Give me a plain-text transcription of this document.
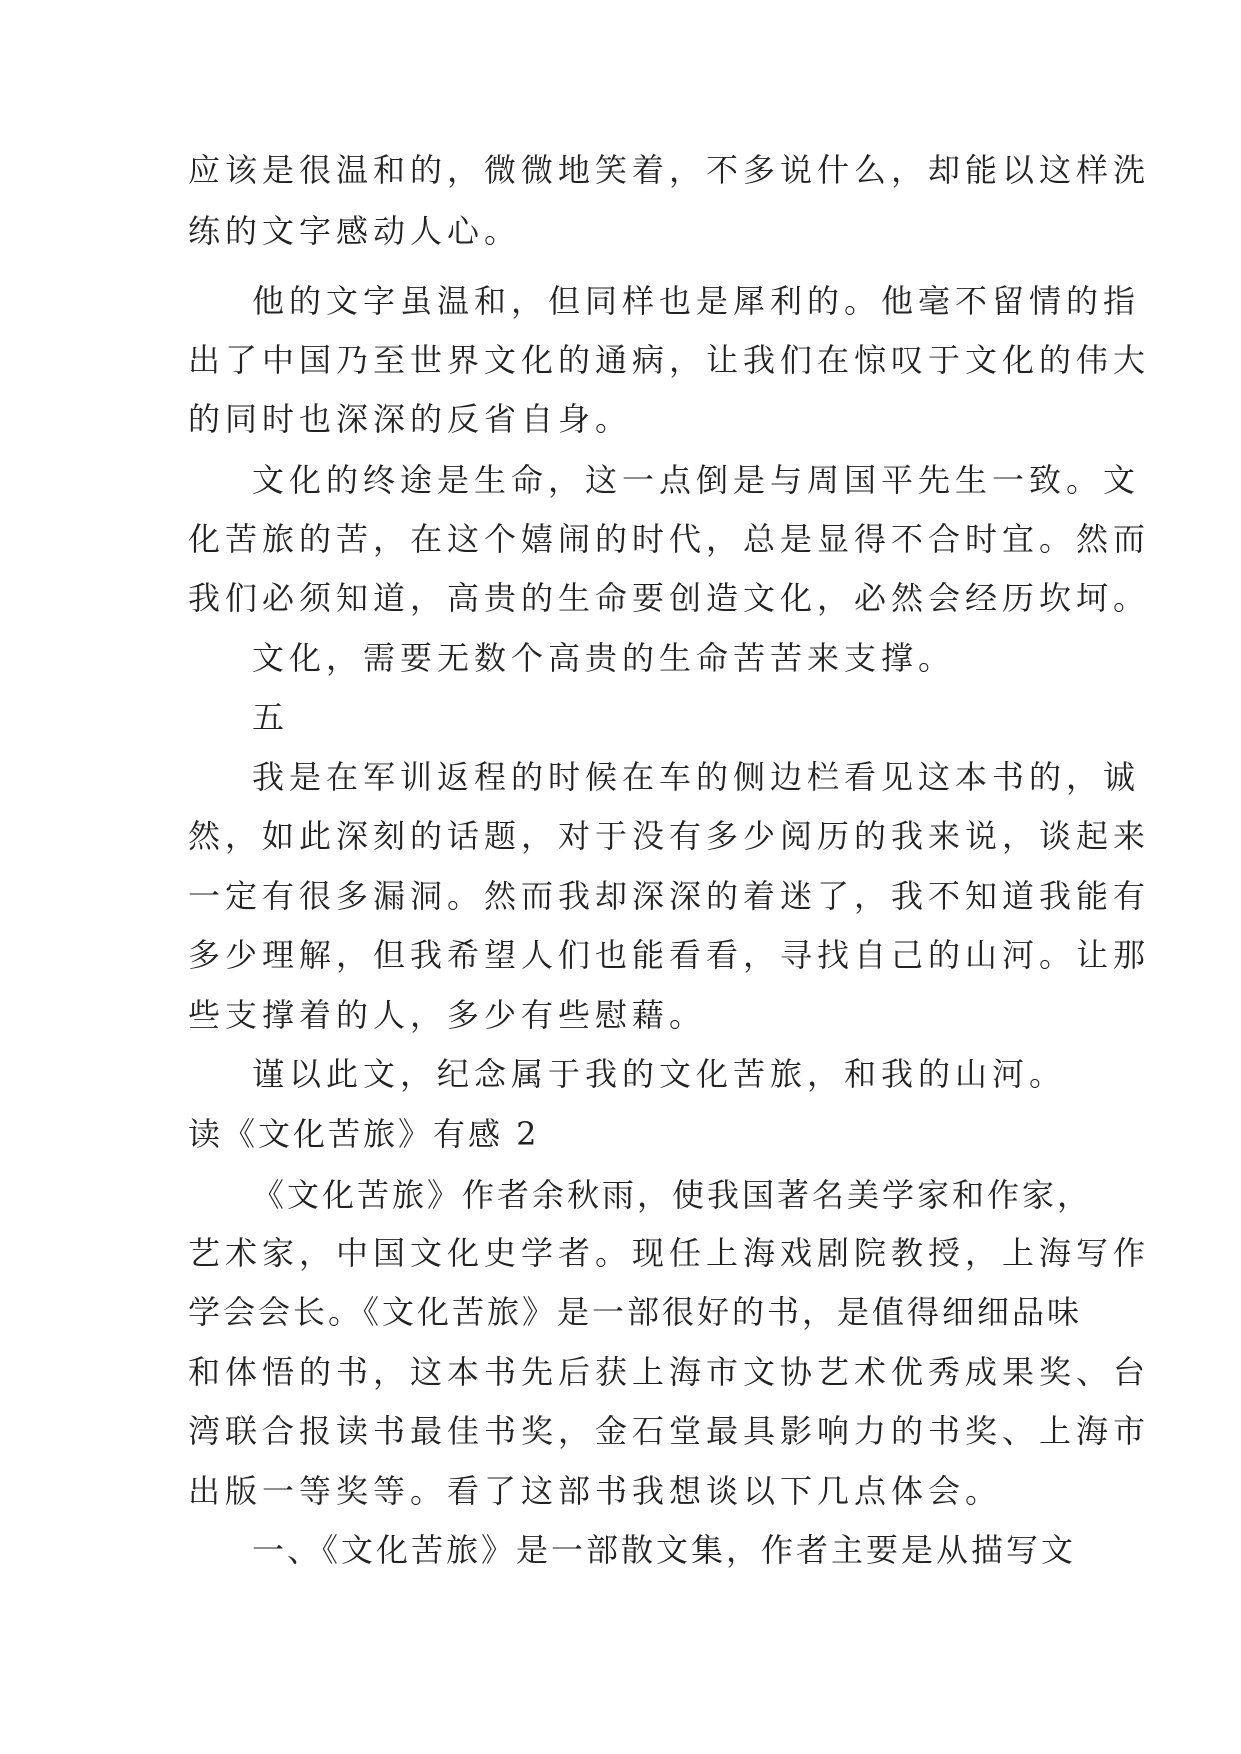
应该是很温和的，微微地笑着，不多说什么，却能以这样洗
练的文字感动人心。
他的文字虽温和，但同样也是犀利的。他毫不留情的指
出了中国乃至世界文化的通病，让我们在惊叹于文化的伟大
的同时也深深的反省自身。
文化的终途是生命，这一点倒是与周国平先生一致。文
化苦旅的苦，在这个嬉闹的时代，总是显得不合时宜。然而
我们必须知道，高贵的生命要创造文化，必然会经历坎坷。
文化，需要无数个高贵的生命苦苦来支撑。
五
我是在军训返程的时候在车的侧边栏看见这本书的，诚
然，如此深刻的话题，对于没有多少阅历的我来说，谈起来
一定有很多漏洞。然而我却深深的着迷了，我不知道我能有
多少理解，但我希望人们也能看看，寻找自己的山河。让那
些支撑着的人，多少有些慰藉。
谨以此文，纪念属于我的文化苦旅，和我的山河。
读《文化苦旅》有感 2
《文化苦旅》作者余秋雨，使我国著名美学家和作家，
艺术家，中国文化史学者。现任上海戏剧院教授，上海写作
学会会长。《文化苦旅》是一部很好的书，是值得细细品味
和体悟的书，这本书先后获上海市文协艺术优秀成果奖、台
湾联合报读书最佳书奖，金石堂最具影响力的书奖、上海市
出版一等奖等。看了这部书我想谈以下几点体会。
一、《文化苦旅》是一部散文集，作者主要是从描写文
